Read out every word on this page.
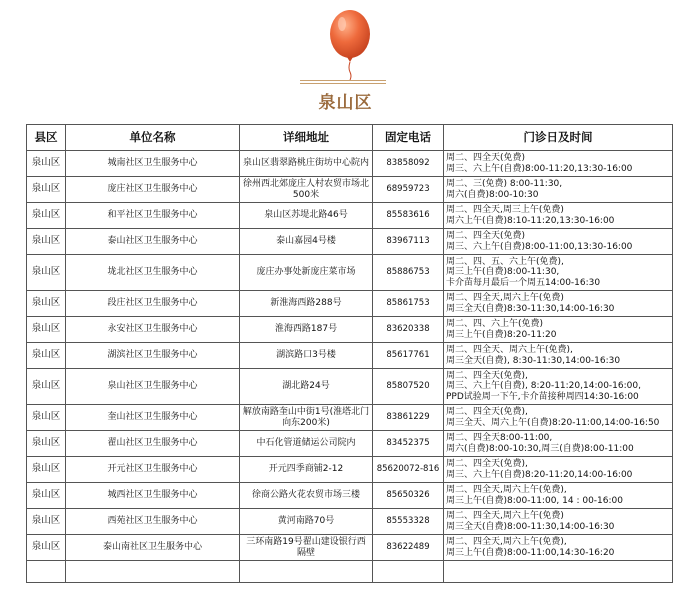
泉山区
县区	单位名称	详细地址	固定电话	门诊日及时间
泉山区	城南社区卫生服务中心	泉山区翡翠路桃庄街坊中心院内	83858092	周二、四全天(免费)
周三、六上午(自费)8:00-11:20,13:30-16:00
泉山区	庞庄社区卫生服务中心	徐州西北郊庞庄人村农贸市场北500米	68959723	周二、三(免费) 8:00-11:30,
周六(自费)8:00-10:30
泉山区	和平社区卫生服务中心	泉山区苏堤北路46号	85583616	周二、四全天,周三上午(免费)
周六上午(自费)8:10-11:20,13:30-16:00
泉山区	泰山社区卫生服务中心	泰山嘉园4号楼	83967113	周二、四全天(免费)
周三、六上午(自费)8:00-11:00,13:30-16:00
泉山区	垅北社区卫生服务中心	庞庄办事处新庞庄菜市场	85886753	周二、四、五、六上午(免费),
周三上午(自费)8:00-11:30,
卡介苗每月最后一个周五14:00-16:30
泉山区	段庄社区卫生服务中心	新淮海西路288号	85861753	周二、四全天,周六上午(免费)
周三全天(自费)8:30-11:30,14:00-16:30
泉山区	永安社区卫生服务中心	淮海西路187号	83620338	周二、四、六上午(免费)
周三上午(自费)8:20-11:20
泉山区	湖滨社区卫生服务中心	湖滨路口3号楼	85617761	周二、四全天、周六上午(免费),
周三全天(自费), 8:30-11:30,14:00-16:30
泉山区	泉山社区卫生服务中心	湖北路24号	85807520	周二、四全天(免费),
周三、六上午(自费), 8:20-11:20,14:00-16:00,
PPD试验周一下午,卡介苗接种周四14:30-16:00
泉山区	奎山社区卫生服务中心	解放南路奎山中街1号(淮塔北门向东200米)	83861229	周二、四全天(免费),
周三全天、周六上午(自费)8:20-11:00,14:00-16:50
泉山区	翟山社区卫生服务中心	中石化管道储运公司院内	83452375	周二、四全天8:00-11:00,
周六(自费)8:00-10:30,周三(自费)8:00-11:00
泉山区	开元社区卫生服务中心	开元四季商铺2-12	85620072-816	周二、四全天(免费),
周三、六上午(自费)8:20-11:20,14:00-16:00
泉山区	城西社区卫生服务中心	徐商公路火花农贸市场三楼	85650326	周二、四全天,周六上午(免费),
周三上午(自费)8:00-11:00, 14 : 00-16:00
泉山区	西苑社区卫生服务中心	黄河南路70号	85553328	周二、四全天,周六上午(免费)
周三全天(自费)8:00-11:30,14:00-16:30
泉山区	泰山南社区卫生服务中心	三环南路19号翟山建设银行西隔壁	83622489	周二、四全天,周六上午(免费),
周三上午(自费)8:00-11:00,14:30-16:20
